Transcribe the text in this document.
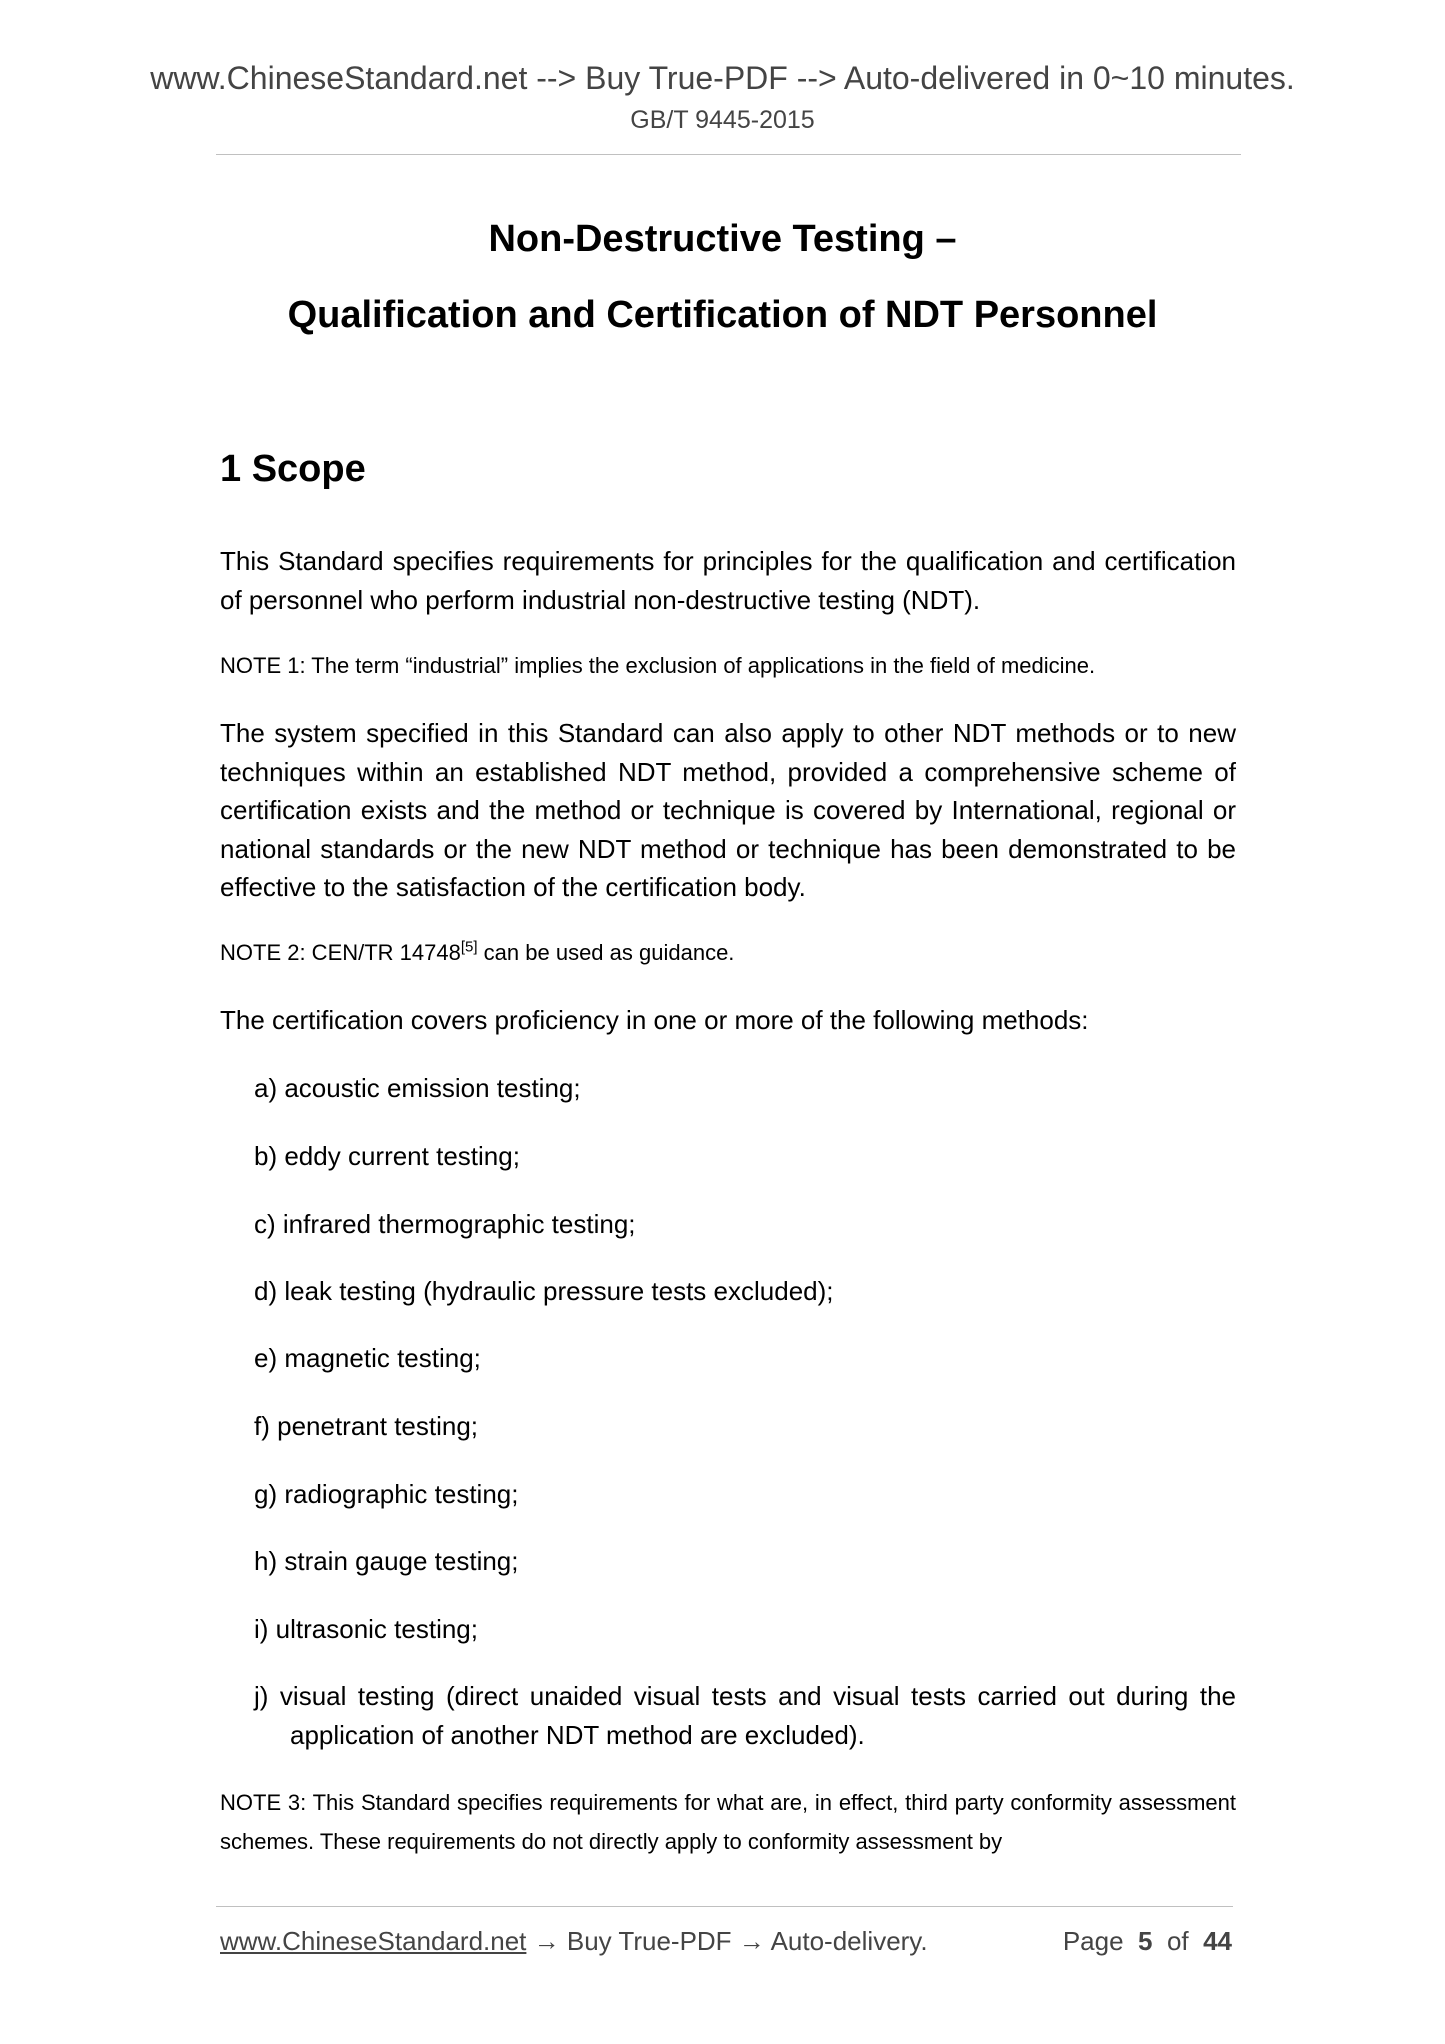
www.ChineseStandard.net --> Buy True-PDF --> Auto-delivered in 0~10 minutes.
GB/T 9445-2015
Non-Destructive Testing –
Qualification and Certification of NDT Personnel
1 Scope
This Standard specifies requirements for principles for the qualification and certification of personnel who perform industrial non-destructive testing (NDT).
NOTE 1: The term “industrial” implies the exclusion of applications in the field of medicine.
The system specified in this Standard can also apply to other NDT methods or to new techniques within an established NDT method, provided a comprehensive scheme of certification exists and the method or technique is covered by International, regional or national standards or the new NDT method or technique has been demonstrated to be effective to the satisfaction of the certification body.
NOTE 2: CEN/TR 14748[5] can be used as guidance.
The certification covers proficiency in one or more of the following methods:
a) acoustic emission testing;
b) eddy current testing;
c) infrared thermographic testing;
d) leak testing (hydraulic pressure tests excluded);
e) magnetic testing;
f) penetrant testing;
g) radiographic testing;
h) strain gauge testing;
i) ultrasonic testing;
j) visual testing (direct unaided visual tests and visual tests carried out during the application of another NDT method are excluded).
NOTE 3: This Standard specifies requirements for what are, in effect, third party conformity assessment schemes. These requirements do not directly apply to conformity assessment by
www.ChineseStandard.net → Buy True-PDF → Auto-delivery.	Page 5 of 44
